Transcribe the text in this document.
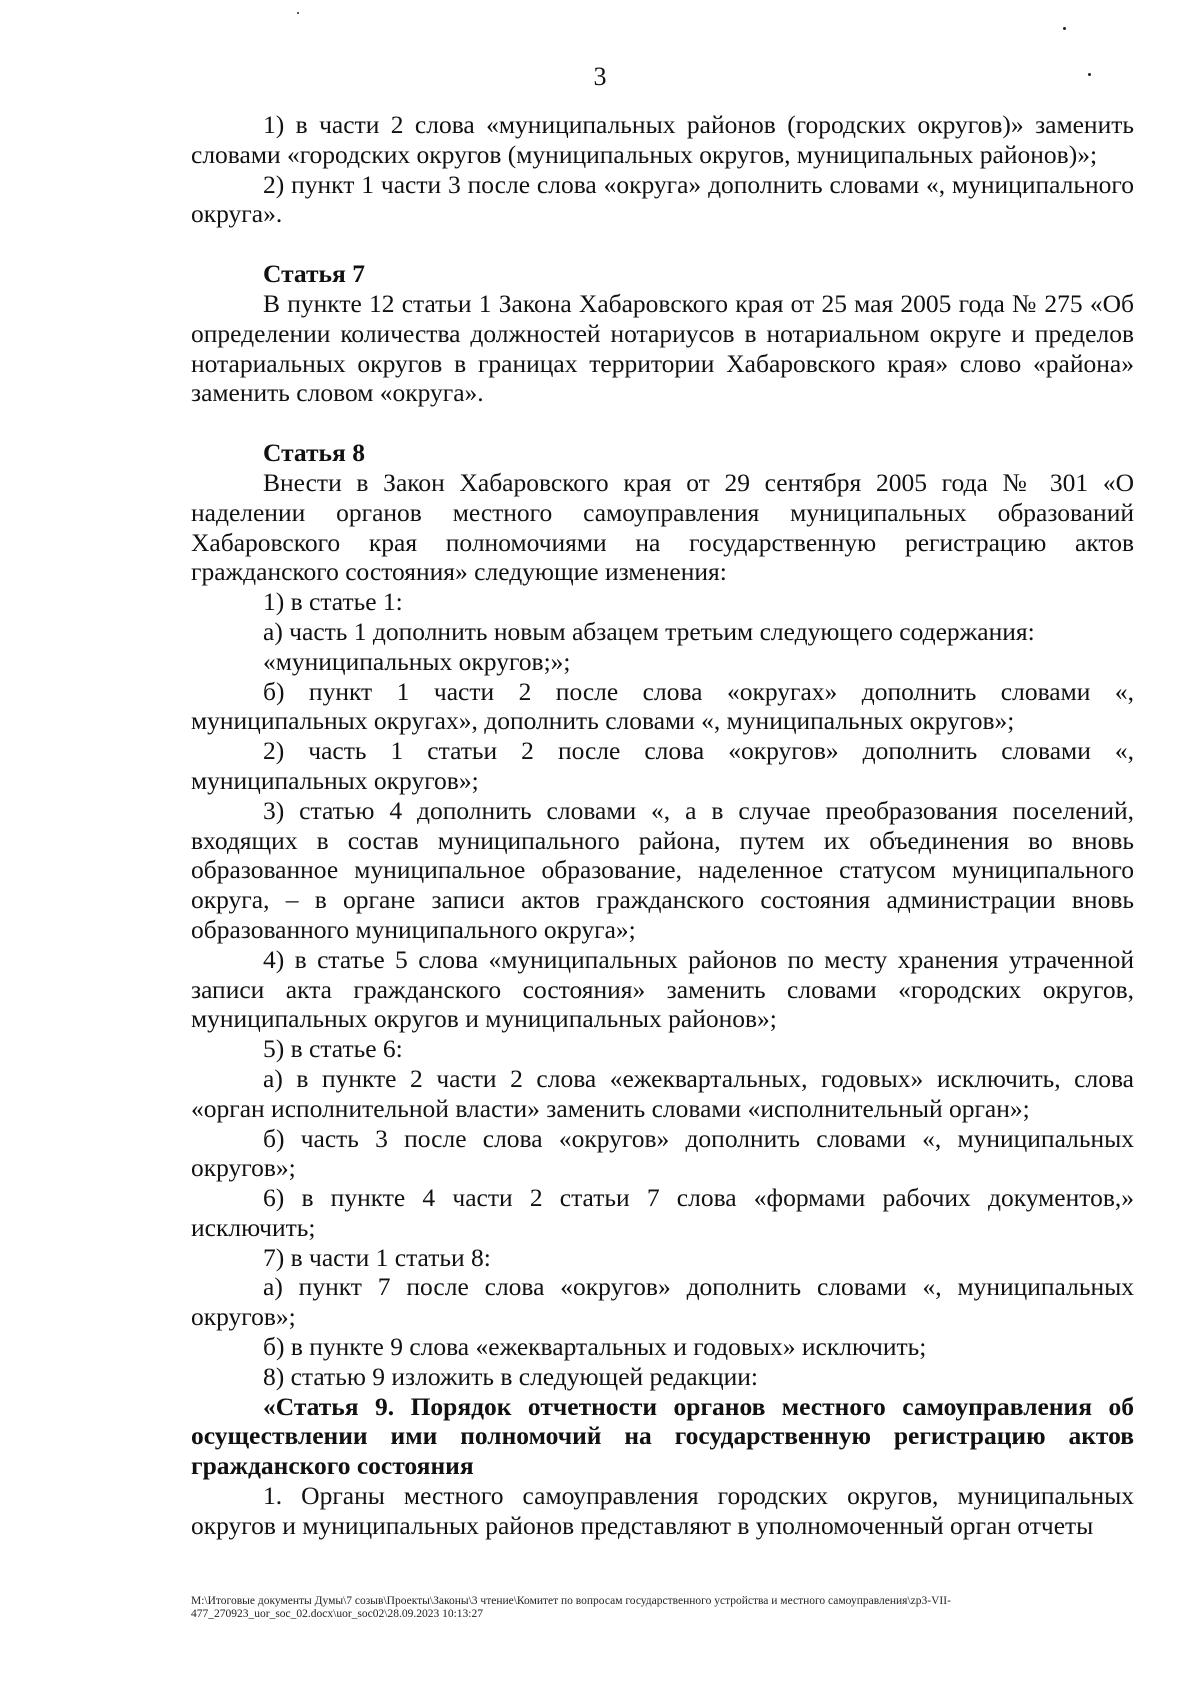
3

1) в части 2 слова «муниципальных районов (городских округов)» заменить словами «городских округов (муниципальных округов, муниципальных районов)»;

2) пункт 1 части 3 после слова «округа» дополнить словами «, муниципального округа».

Статья 7

В пункте 12 статьи 1 Закона Хабаровского края от 25 мая 2005 года № 275 «Об определении количества должностей нотариусов в нотариальном округе и пределов нотариальных округов в границах территории Хабаровского края» слово «района» заменить словом «округа».

Статья 8

Внести в Закон Хабаровского края от 29 сентября 2005 года № 301 «О наделении органов местного самоуправления муниципальных образований Хабаровского края полномочиями на государственную регистрацию актов гражданского состояния» следующие изменения:

1) в статье 1:

а) часть 1 дополнить новым абзацем третьим следующего содержания:

«муниципальных округов;»;

б) пункт 1 части 2 после слова «округах» дополнить словами «, муниципальных округах», дополнить словами «, муниципальных округов»;

2) часть 1 статьи 2 после слова «округов» дополнить словами «, муниципальных округов»;

3) статью 4 дополнить словами «, а в случае преобразования поселений, входящих в состав муниципального района, путем их объединения во вновь образованное муниципальное образование, наделенное статусом муниципального округа, – в органе записи актов гражданского состояния администрации вновь образованного муниципального округа»;

4) в статье 5 слова «муниципальных районов по месту хранения утраченной записи акта гражданского состояния» заменить словами «городских округов, муниципальных округов и муниципальных районов»;

5) в статье 6:

а) в пункте 2 части 2 слова «ежеквартальных, годовых» исключить, слова «орган исполнительной власти» заменить словами «исполнительный орган»;

б) часть 3 после слова «округов» дополнить словами «, муниципальных округов»;

6) в пункте 4 части 2 статьи 7 слова «формами рабочих документов,» исключить;

7) в части 1 статьи 8:

а) пункт 7 после слова «округов» дополнить словами «, муниципальных округов»;

б) в пункте 9 слова «ежеквартальных и годовых» исключить;

8) статью 9 изложить в следующей редакции:

«Статья 9. Порядок отчетности органов местного самоуправления об осуществлении ими полномочий на государственную регистрацию актов гражданского состояния

1. Органы местного самоуправления городских округов, муниципальных округов и муниципальных районов представляют в уполномоченный орган отчеты

М:\Итоговые документы Думы\7 созыв\Проекты\Законы\3 чтение\Комитет по вопросам государственного устройства и местного самоуправления\zp3-VII-477_270923_uor_soc_02.docx\uor_soc02\28.09.2023 10:13:27
